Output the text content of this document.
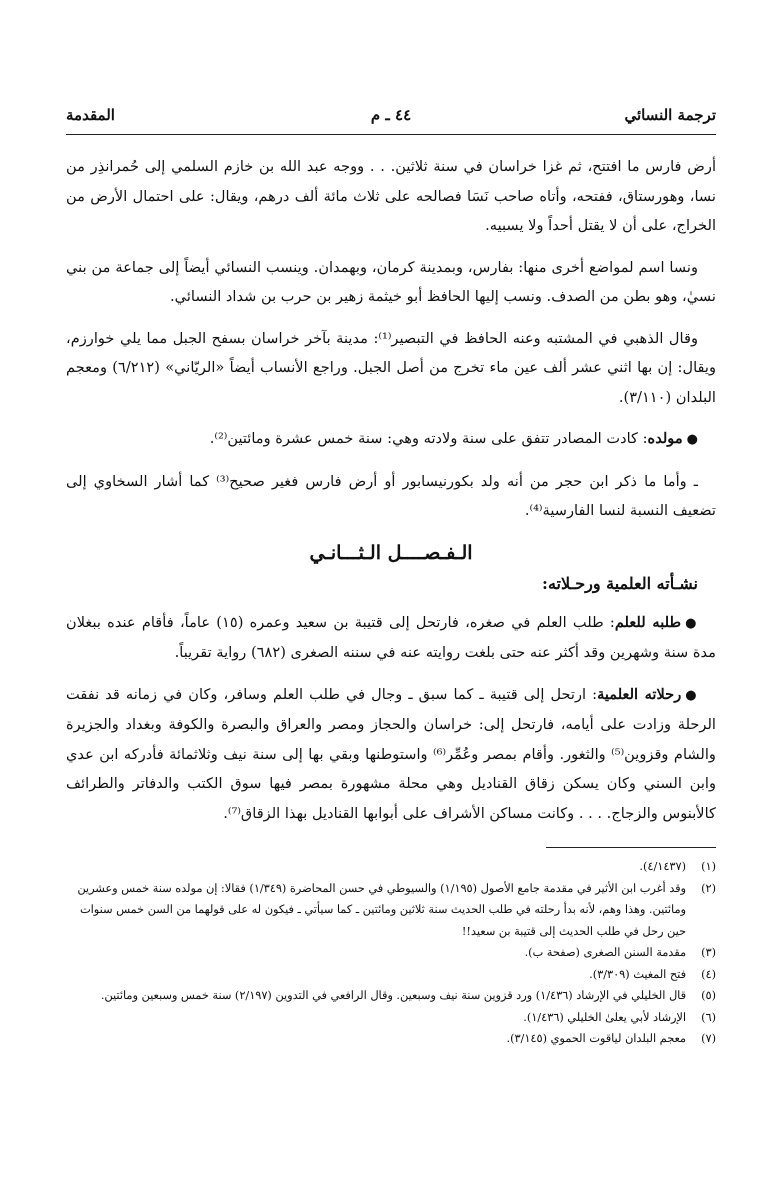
ترجمة النسائي
٤٤ ـ م
المقدمة

أرض فارس ما افتتح، ثم غزا خراسان في سنة ثلاثين. . . ووجه عبد الله بن خازم السلمي إلى حُمرانذِر من نسا، وهورستاق، ففتحه، وأتاه صاحب نَسَا فصالحه على ثلاث مائة ألف درهم، ويقال: على احتمال الأرض من الخراج، على أن لا يقتل أحداً ولا يسبيه.

ونسا اسم لمواضع أخرى منها: بفارس، وبمدينة كرمان، وبهمدان. وينسب النسائي أيضاً إلى جماعة من بني نسيٰ، وهو بطن من الصدف. ونسب إليها الحافظ أبو خيثمة زهير بن حرب بن شداد النسائي.

وقال الذهبي في المشتبه وعنه الحافظ في التبصير⁽¹⁾: مدينة بآخر خراسان بسفح الجبل مما يلي خوارزم، ويقال: إن بها اثني عشر ألف عين ماء تخرج من أصل الجبل. وراجع الأنساب أيضاً «الريّاني» (٦/٢١٢) ومعجم البلدان (٣/١١٠).

●مولده: كادت المصادر تتفق على سنة ولادته وهي: سنة خمس عشرة ومائتين⁽²⁾.

ـ وأما ما ذكر ابن حجر من أنه ولد بكورنيسابور أو أرض فارس فغير صحيح⁽³⁾ كما أشار السخاوي إلى تضعيف النسبة لنسا الفارسية⁽⁴⁾.

الـفـصــــل الـثـــانـي
نشـأته العلمية ورحـلاته:

●طلبه للعلم: طلب العلم في صغره، فارتحل إلى قتيبة بن سعيد وعمره (١٥) عاماً، فأقام عنده ببغلان مدة سنة وشهرين وقد أكثر عنه حتى بلغت روايته عنه في سننه الصغرى (٦٨٢) رواية تقريباً.

●رحلاته العلمية: ارتحل إلى قتيبة ـ كما سبق ـ وجال في طلب العلم وسافر، وكان في زمانه قد نفقت الرحلة وزادت على أيامه، فارتحل إلى: خراسان والحجاز ومصر والعراق والبصرة والكوفة وبغداد والجزيرة والشام وقزوين⁽⁵⁾ والثغور. وأقام بمصر وعُمِّر⁽⁶⁾ واستوطنها وبقي بها إلى سنة نيف وثلاثمائة فأدركه ابن عدي وابن السني وكان يسكن زقاق القناديل وهي محلة مشهورة بمصر فيها سوق الكتب والدفاتر والطرائف كالأبنوس والزجاج. . . . وكانت مساكن الأشراف على أبوابها القناديل بهذا الزقاق⁽⁷⁾.

(١)
(٤/١٤٣٧).

(٢)
وقد أغرب ابن الأثير في مقدمة جامع الأصول (١/١٩٥) والسيوطي في حسن المحاضرة (١/٣٤٩) فقالا: إن مولده سنة خمس وعشرين ومائتين. وهذا وهم، لأنه بدأ رحلته في طلب الحديث سنة ثلاثين ومائتين ـ كما سيأتي ـ فيكون له على قولهما من السن خمس سنوات حين رحل في طلب الحديث إلى قتيبة بن سعيد!!

(٣)
مقدمة السنن الصغرى (صفحة ب).

(٤)
فتح المغيث (٣/٣٠٩).

(٥)
قال الخليلي في الإرشاد (١/٤٣٦) ورد قزوين سنة نيف وسبعين. وقال الرافعي في التدوين (٢/١٩٧) سنة خمس وسبعين ومائتين.

(٦)
الإرشاد لأبي يعلىٰ الخليلي (١/٤٣٦).

(٧)
معجم البلدان لياقوت الحموي (٣/١٤٥).
